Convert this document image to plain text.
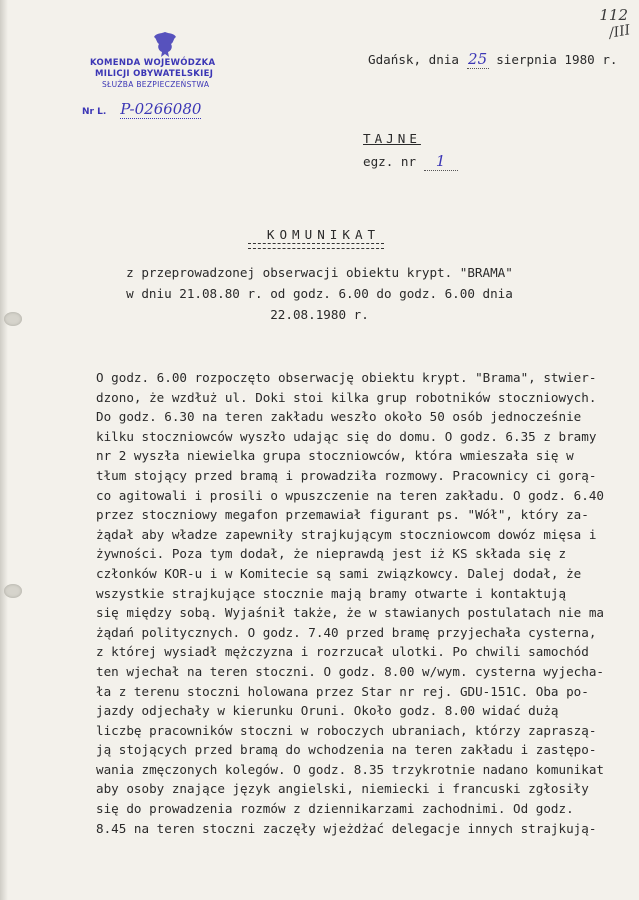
KOMENDA WOJEWÓDZKA
MILICJI OBYWATELSKIEJ
SŁUŻBA BEZPIECZEŃSTWA
Nr L. P-0266080
112
/III
Gdańsk, dnia 25 sierpnia 1980 r.
TAJNE
egz. nr 1
KOMUNIKAT
z przeprowadzonej obserwacji obiektu krypt. "BRAMA"
w dniu 21.08.80 r. od godz. 6.00 do godz. 6.00 dnia
22.08.1980 r.
O godz. 6.00 rozpoczęto obserwację obiektu krypt. "Brama", stwier-
dzono, że wzdłuż ul. Doki stoi kilka grup robotników stoczniowych.
Do godz. 6.30 na teren zakładu weszło około 50 osób jednocześnie
kilku stoczniowców wyszło udając się do domu. O godz. 6.35 z bramy
nr 2 wyszła niewielka grupa stoczniowców, która wmieszała się w
tłum stojący przed bramą i prowadziła rozmowy. Pracownicy ci gorą-
co agitowali i prosili o wpuszczenie na teren zakładu. O godz. 6.40
przez stoczniowy megafon przemawiał figurant ps. "Wół", który za-
żądał aby władze zapewniły strajkującym stoczniowcom dowóz mięsa i
żywności. Poza tym dodał, że nieprawdą jest iż KS składa się z
członków KOR-u i w Komitecie są sami związkowcy. Dalej dodał, że
wszystkie strajkujące stocznie mają bramy otwarte i kontaktują
się między sobą. Wyjaśnił także, że w stawianych postulatach nie ma
żądań politycznych. O godz. 7.40 przed bramę przyjechała cysterna,
z której wysiadł mężczyzna i rozrzucał ulotki. Po chwili samochód
ten wjechał na teren stoczni. O godz. 8.00 w/wym. cysterna wyjecha-
ła z terenu stoczni holowana przez Star nr rej. GDU-151C. Oba po-
jazdy odjechały w kierunku Oruni. Około godz. 8.00 widać dużą
liczbę pracowników stoczni w roboczych ubraniach, którzy zapraszą-
ją stojących przed bramą do wchodzenia na teren zakładu i zastępo-
wania zmęczonych kolegów. O godz. 8.35 trzykrotnie nadano komunikat
aby osoby znające język angielski, niemiecki i francuski zgłosiły
się do prowadzenia rozmów z dziennikarzami zachodnimi. Od godz.
8.45 na teren stoczni zaczęły wjeżdżać delegacje innych strajkują-
